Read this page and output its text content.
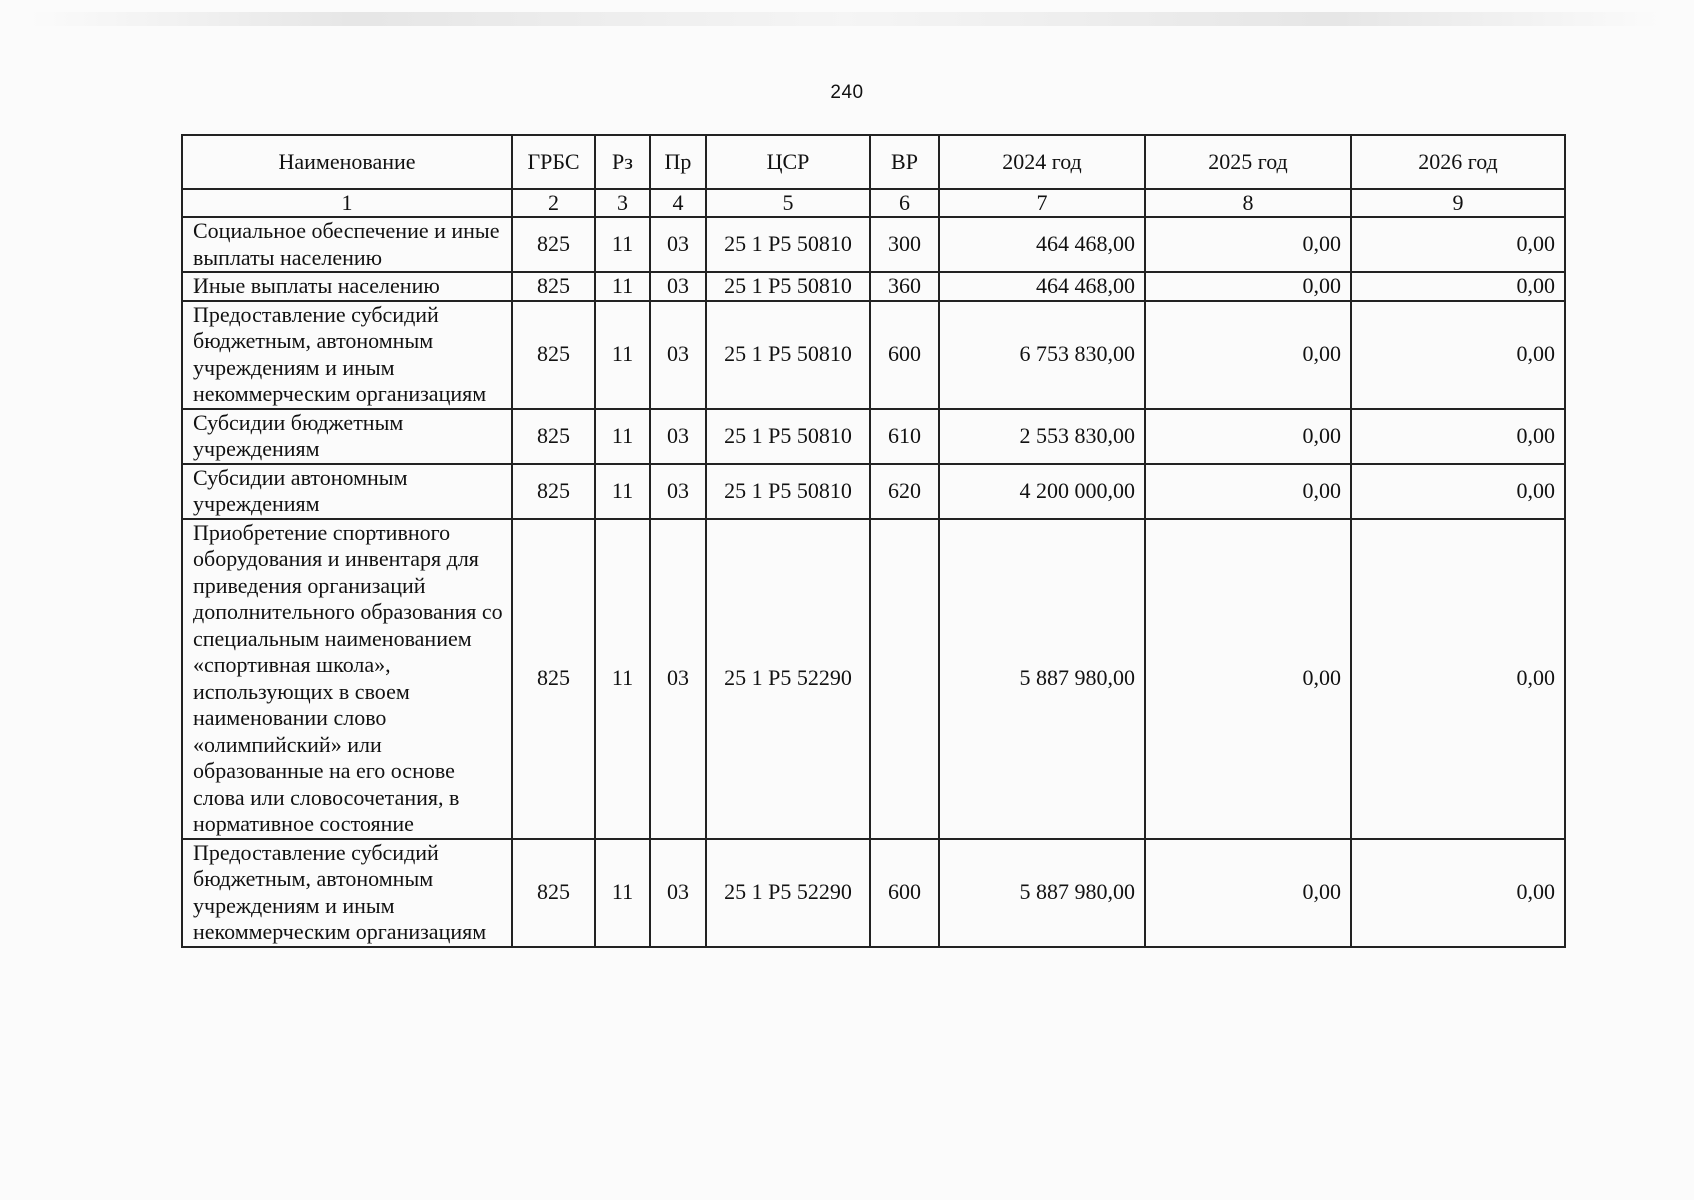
240
Наименование	ГРБС	Рз	Пр	ЦСР	ВР	2024 год	2025 год	2026 год
1	2	3	4	5	6	7	8	9
Социальное обеспечение и иные выплаты населению	825	11	03	25 1 P5 50810	300	464 468,00	0,00	0,00
Иные выплаты населению	825	11	03	25 1 P5 50810	360	464 468,00	0,00	0,00
Предоставление субсидий бюджетным, автономным учреждениям и иным некоммерческим организациям	825	11	03	25 1 P5 50810	600	6 753 830,00	0,00	0,00
Субсидии бюджетным учреждениям	825	11	03	25 1 P5 50810	610	2 553 830,00	0,00	0,00
Субсидии автономным учреждениям	825	11	03	25 1 P5 50810	620	4 200 000,00	0,00	0,00
Приобретение спортивного оборудования и инвентаря для приведения организаций дополнительного образования со специальным наименованием «спортивная школа», использующих в своем наименовании слово «олимпийский» или образованные на его основе слова или словосочетания, в нормативное состояние	825	11	03	25 1 P5 52290		5 887 980,00	0,00	0,00
Предоставление субсидий бюджетным, автономным учреждениям и иным некоммерческим организациям	825	11	03	25 1 P5 52290	600	5 887 980,00	0,00	0,00
